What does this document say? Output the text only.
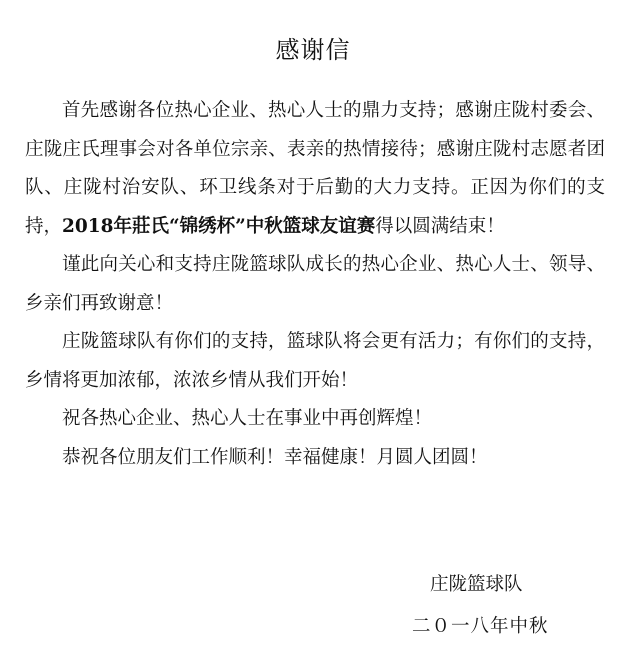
感谢信

首先感谢各位热心企业、热心人士的鼎力支持；感谢庄陇村委会、庄陇庄氏理事会对各单位宗亲、表亲的热情接待；感谢庄陇村志愿者团队、庄陇村治安队、环卫线条对于后勤的大力支持。正因为你们的支持，2018年莊氏“锦绣杯”中秋篮球友谊赛得以圆满结束！

谨此向关心和支持庄陇篮球队成长的热心企业、热心人士、领导、乡亲们再致谢意！

庄陇篮球队有你们的支持，篮球队将会更有活力；有你们的支持，乡情将更加浓郁，浓浓乡情从我们开始！

祝各热心企业、热心人士在事业中再创辉煌！

恭祝各位朋友们工作顺利！幸福健康！月圆人团圆！

庄陇篮球队
二０一八年中秋
